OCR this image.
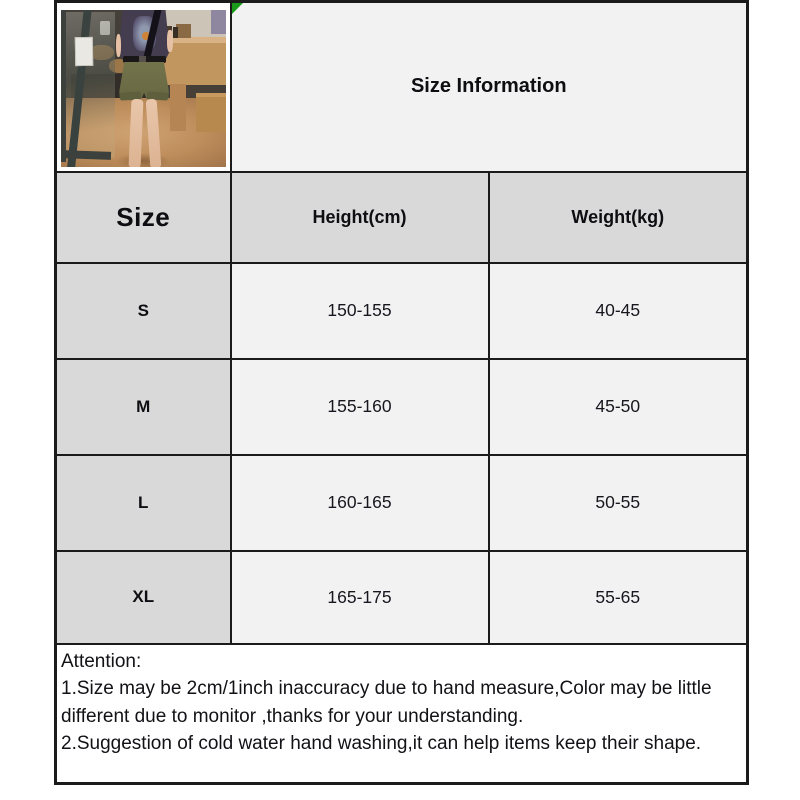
Size Information	
Size	Height(cm)	Weight(kg)
S	150-155	40-45
M	155-160	45-50
L	160-165	50-55
XL	165-175	55-65

Attention:
1.Size may be 2cm/1inch inaccuracy due to hand measure,Color may be little different due to monitor ,thanks for your understanding.
2.Suggestion of cold water hand washing,it can help items keep their shape.		
